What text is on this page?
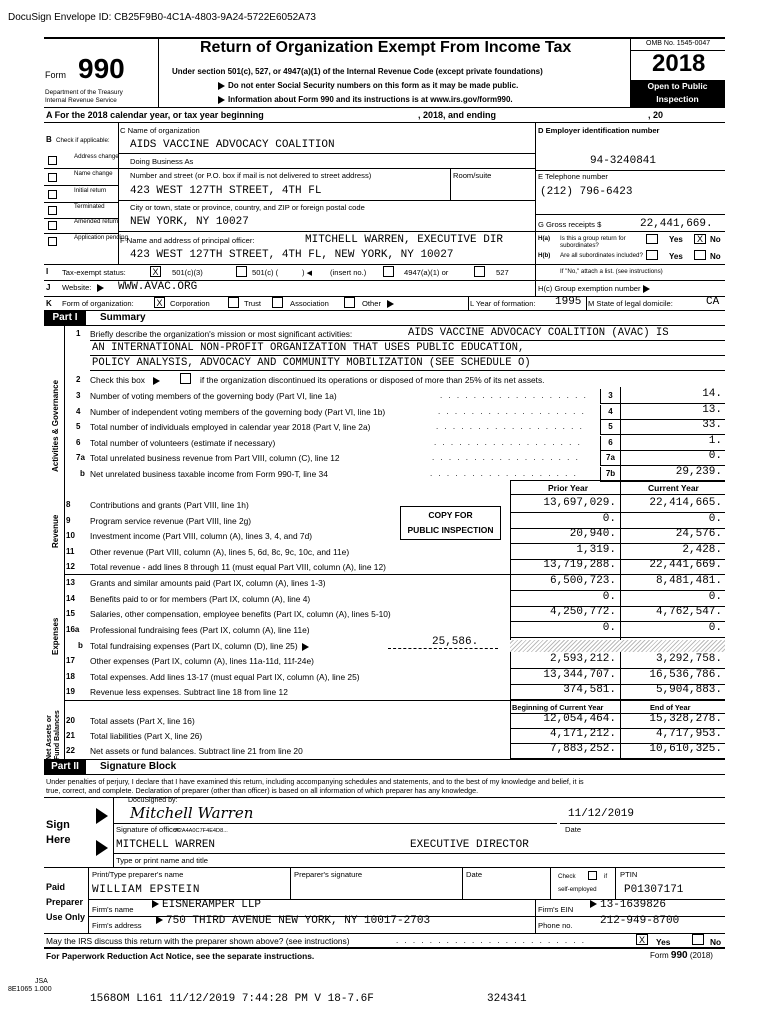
DocuSign Envelope ID: CB25F9B0-4C1A-4803-9A24-5722E6052A73
Form 990
Department of the Treasury
Internal Revenue Service
Return of Organization Exempt From Income Tax
Under section 501(c), 527, or 4947(a)(1) of the Internal Revenue Code (except private foundations)
Do not enter Social Security numbers on this form as it may be made public.
Information about Form 990 and its instructions is at www.irs.gov/form990.
OMB No. 1545-0047
2018
Open to Public
Inspection
A For the 2018 calendar year, or tax year beginning	, 2018, and ending	, 20
B Check if applicable:
Address change
Name change
Initial return
Terminated
Amended return
Application pending
C Name of organization
AIDS VACCINE ADVOCACY COALITION
Doing Business As
Number and street (or P.O. box if mail is not delivered to street address)	Room/suite
423 WEST 127TH STREET, 4TH FL
City or town, state or province, country, and ZIP or foreign postal code
NEW YORK, NY 10027
D Employer identification number
94-3240841
E Telephone number
(212) 796-6423
G Gross receipts $	22,441,669.
F Name and address of principal officer:	MITCHELL WARREN, EXECUTIVE DIR
423 WEST 127TH STREET, 4TH FL, NEW YORK, NY 10027
H(a) Is this a group return for
subordinates?
Yes	X No
H(b) Are all subordinates included?	Yes	No
I Tax-exempt status:	X	501(c)(3)	501(c) (	) ◀ (insert no.)	4947(a)(1) or	527	If "No," attach a list. (see instructions)
J Website:	WWW.AVAC.ORG	H(c) Group exemption number
K Form of organization:	X Corporation	Trust	Association	Other	L Year of formation: 1995 M State of legal domicile:	CA
Part I	Summary
Activities & Governance
Revenue
Expenses
Net Assets or Fund Balances
1 Briefly describe the organization's mission or most significant activities:	AIDS VACCINE ADVOCACY COALITION (AVAC) IS
AN INTERNATIONAL NON-PROFIT ORGANIZATION THAT USES PUBLIC EDUCATION,
POLICY ANALYSIS, ADVOCACY AND COMMUNITY MOBILIZATION (SEE SCHEDULE O)
2 Check this box	if the organization discontinued its operations or disposed of more than 25% of its net assets.
3 Number of voting members of the governing body (Part VI, line 1a)	. . . . . . . . . . . . . . . . . .	3	14.
4 Number of independent voting members of the governing body (Part VI, line 1b)	. . . . . . . . . . . . . . . . . .	4	13.
5 Total number of individuals employed in calendar year 2018 (Part V, line 2a)	. . . . . . . . . . . . . . . . . .	5	33.
6 Total number of volunteers (estimate if necessary)	. . . . . . . . . . . . . . . . . .	6	1.
7a Total unrelated business revenue from Part VIII, column (C), line 12	. . . . . . . . . . . . . . . . . .	7a	0.
b Net unrelated business taxable income from Form 990-T, line 34	. . . . . . . . . . . . . . . . . .	7b	29,239.
Prior Year	Current Year
COPY FOR
PUBLIC INSPECTION
8 Contributions and grants (Part VIII, line 1h)	13,697,029.	22,414,665.
9 Program service revenue (Part VIII, line 2g)	0.	0.
10 Investment income (Part VIII, column (A), lines 3, 4, and 7d)	20,940.	24,576.
11 Other revenue (Part VIII, column (A), lines 5, 6d, 8c, 9c, 10c, and 11e)	1,319.	2,428.
12 Total revenue - add lines 8 through 11 (must equal Part VIII, column (A), line 12)	13,719,288.	22,441,669.
13 Grants and similar amounts paid (Part IX, column (A), lines 1-3)	6,500,723.	8,481,481.
14 Benefits paid to or for members (Part IX, column (A), line 4)	0.	0.
15 Salaries, other compensation, employee benefits (Part IX, column (A), lines 5-10)	4,250,772.	4,762,547.
16a Professional fundraising fees (Part IX, column (A), line 11e)	0.	0.
b Total fundraising expenses (Part IX, column (D), line 25)	25,586.
17 Other expenses (Part IX, column (A), lines 11a-11d, 11f-24e)	2,593,212.	3,292,758.
18 Total expenses. Add lines 13-17 (must equal Part IX, column (A), line 25)	13,344,707.	16,536,786.
19 Revenue less expenses. Subtract line 18 from line 12	374,581.	5,904,883.
Beginning of Current Year	End of Year
20 Total assets (Part X, line 16)	12,054,464.	15,328,278.
21 Total liabilities (Part X, line 26)	4,171,212.	4,717,953.
22 Net assets or fund balances. Subtract line 21 from line 20	7,883,252.	10,610,325.
Part II	Signature Block
Under penalties of perjury, I declare that I have examined this return, including accompanying schedules and statements, and to the best of my knowledge and belief, it is
true, correct, and complete. Declaration of preparer (other than officer) is based on all information of which preparer has any knowledge.
Sign
Here
DocuSigned by:
Mitchell Warren
A2A4A0C7F4E4D8...
Signature of officer
11/12/2019
Date
MITCHELL WARREN	EXECUTIVE DIRECTOR
Type or print name and title
Paid
Preparer
Use Only
Print/Type preparer's name	Preparer's signature	Date	Check	if
self-employed
PTIN
WILLIAM EPSTEIN	P01307171
Firm's name	EISNERAMPER LLP	Firm's EIN	13-1639826
Firm's address	750 THIRD AVENUE NEW YORK, NY 10017-2703	Phone no. 212-949-8700
May the IRS discuss this return with the preparer shown above? (see instructions)	. . . . . . . . . . . . . . . . . . . . . . .	X	Yes	No
For Paperwork Reduction Act Notice, see the separate instructions.	Form 990 (2018)
JSA
8E1065 1.000
1568OM L161 11/12/2019 7:44:28 PM V 18-7.6F	324341
